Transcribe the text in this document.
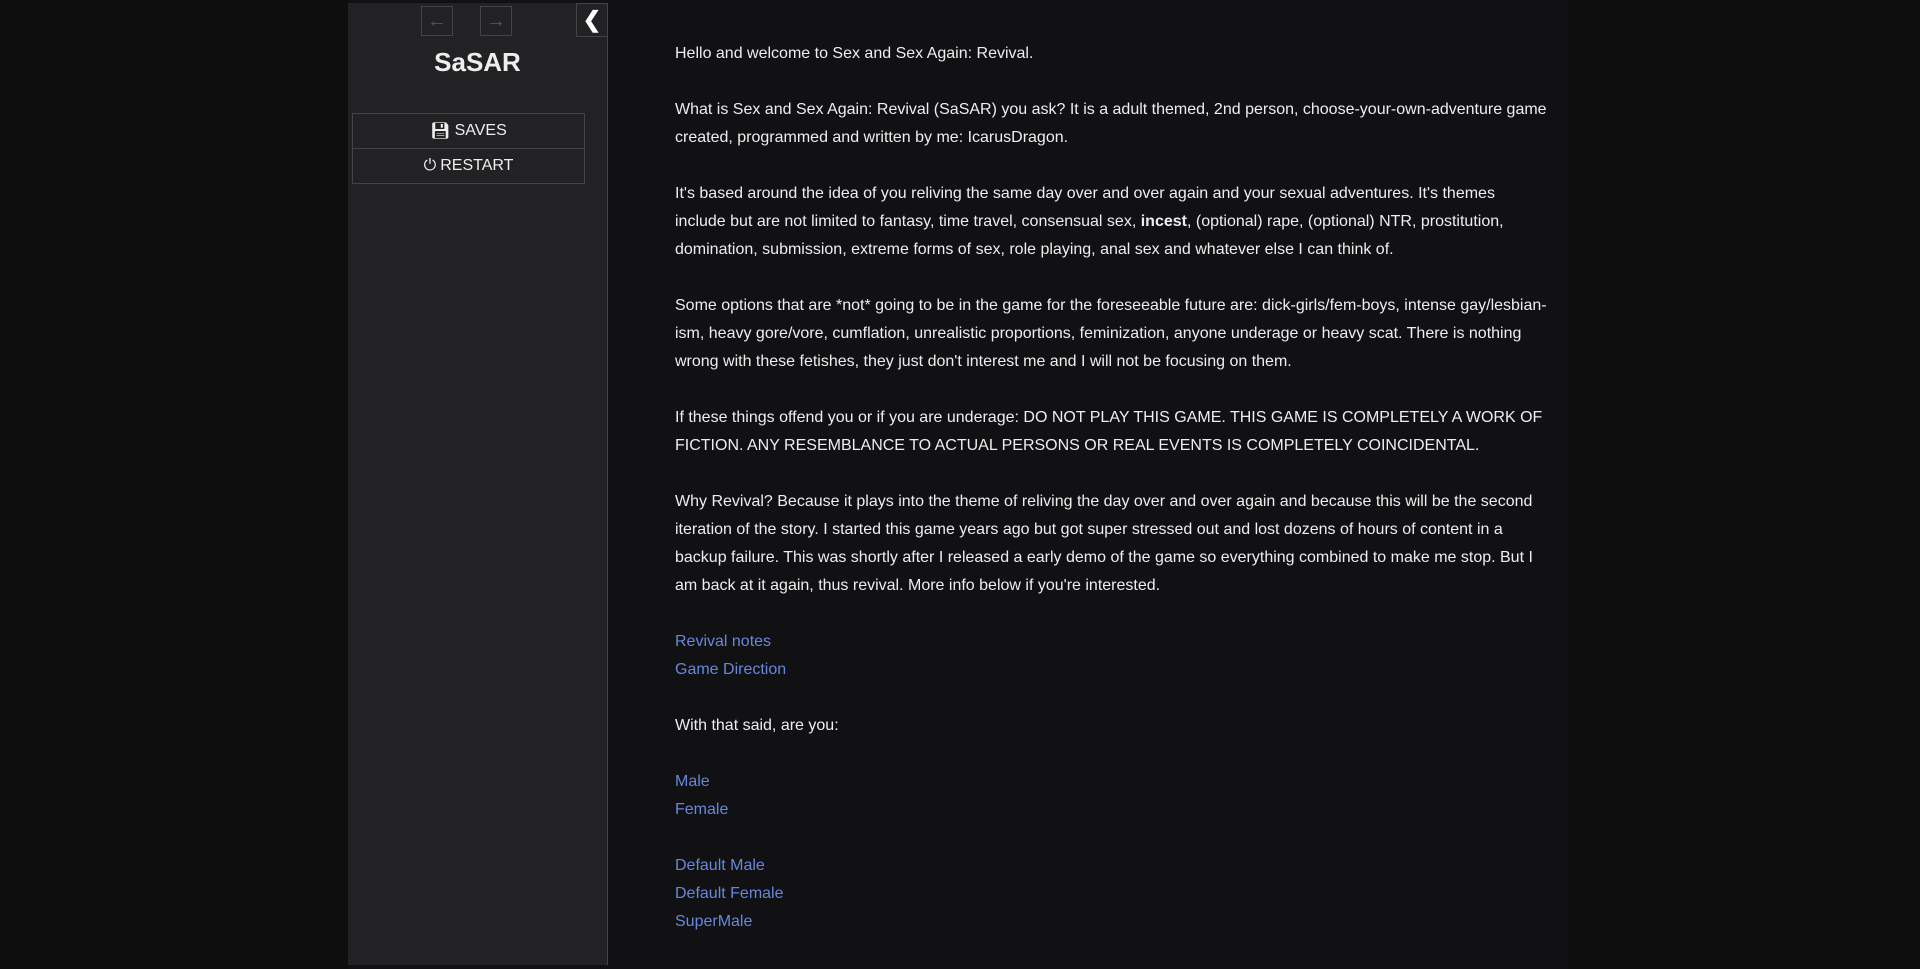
← →	❮
SaSAR
💾︎ SAVES
⏻︎ RESTART

Hello and welcome to Sex and Sex Again: Revival.

What is Sex and Sex Again: Revival (SaSAR) you ask? It is a adult themed, 2nd person, choose-your-own-adventure game created, programmed and written by me: IcarusDragon.

It's based around the idea of you reliving the same day over and over again and your sexual adventures. It's themes include but are not limited to fantasy, time travel, consensual sex, incest, (optional) rape, (optional) NTR, prostitution, domination, submission, extreme forms of sex, role playing, anal sex and whatever else I can think of.

Some options that are *not* going to be in the game for the foreseeable future are: dick-girls/fem-boys, intense gay/lesbian-ism, heavy gore/vore, cumflation, unrealistic proportions, feminization, anyone underage or heavy scat. There is nothing wrong with these fetishes, they just don't interest me and I will not be focusing on them.

If these things offend you or if you are underage: DO NOT PLAY THIS GAME. THIS GAME IS COMPLETELY A WORK OF FICTION. ANY RESEMBLANCE TO ACTUAL PERSONS OR REAL EVENTS IS COMPLETELY COINCIDENTAL.

Why Revival? Because it plays into the theme of reliving the day over and over again and because this will be the second iteration of the story. I started this game years ago but got super stressed out and lost dozens of hours of content in a backup failure. This was shortly after I released a early demo of the game so everything combined to make me stop. But I am back at it again, thus revival. More info below if you're interested.

Revival notes
Game Direction

With that said, are you:

Male
Female

Default Male
Default Female
SuperMale
